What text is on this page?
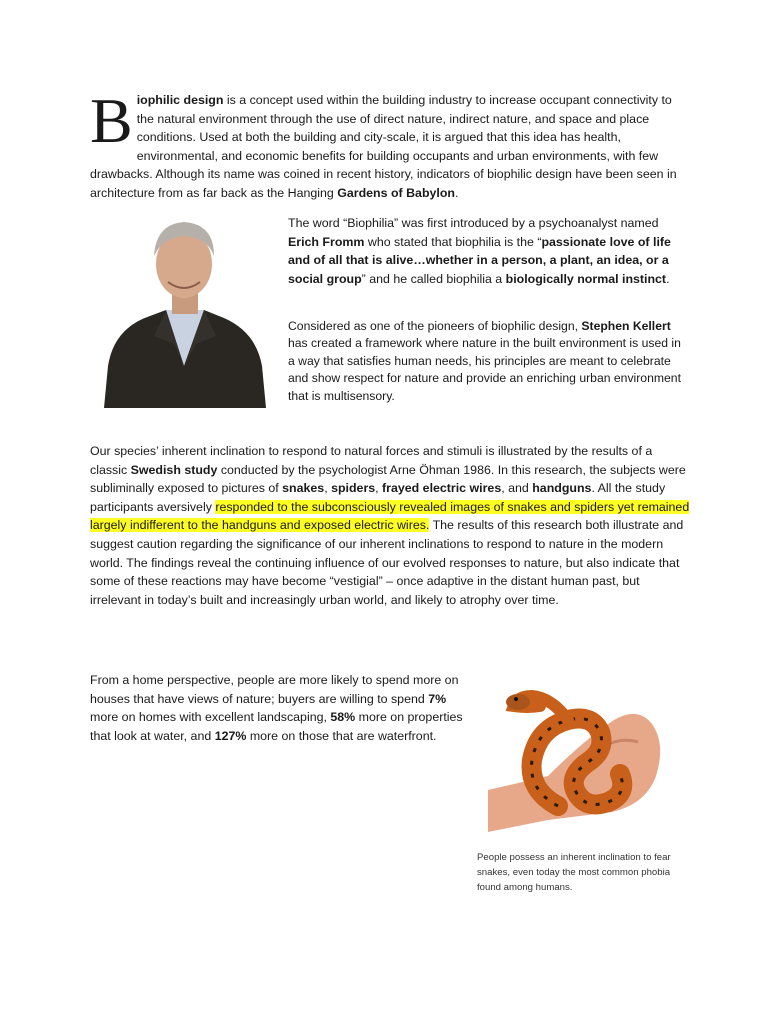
Biophilic design is a concept used within the building industry to increase occupant connectivity to the natural environment through the use of direct nature, indirect nature, and space and place conditions. Used at both the building and city-scale, it is argued that this idea has health, environmental, and economic benefits for building occupants and urban environments, with few drawbacks. Although its name was coined in recent history, indicators of biophilic design have been seen in architecture from as far back as the Hanging Gardens of Babylon.
The word “Biophilia” was first introduced by a psychoanalyst named Erich Fromm who stated that biophilia is the “passionate love of life and of all that is alive…whether in a person, a plant, an idea, or a social group” and he called biophilia a biologically normal instinct.
Considered as one of the pioneers of biophilic design, Stephen Kellert has created a framework where nature in the built environment is used in a way that satisfies human needs, his principles are meant to celebrate and show respect for nature and provide an enriching urban environment that is multisensory.
Our species’ inherent inclination to respond to natural forces and stimuli is illustrated by the results of a classic Swedish study conducted by the psychologist Arne Öhman 1986. In this research, the subjects were subliminally exposed to pictures of snakes, spiders, frayed electric wires, and handguns. All the study participants aversively responded to the subconsciously revealed images of snakes and spiders yet remained largely indifferent to the handguns and exposed electric wires. The results of this research both illustrate and suggest caution regarding the significance of our inherent inclinations to respond to nature in the modern world. The findings reveal the continuing influence of our evolved responses to nature, but also indicate that some of these reactions may have become “vestigial” – once adaptive in the distant human past, but irrelevant in today’s built and increasingly urban world, and likely to atrophy over time.
From a home perspective, people are more likely to spend more on houses that have views of nature; buyers are willing to spend 7% more on homes with excellent landscaping, 58% more on properties that look at water, and 127% more on those that are waterfront.
People possess an inherent inclination to fear snakes, even today the most common phobia found among humans.
